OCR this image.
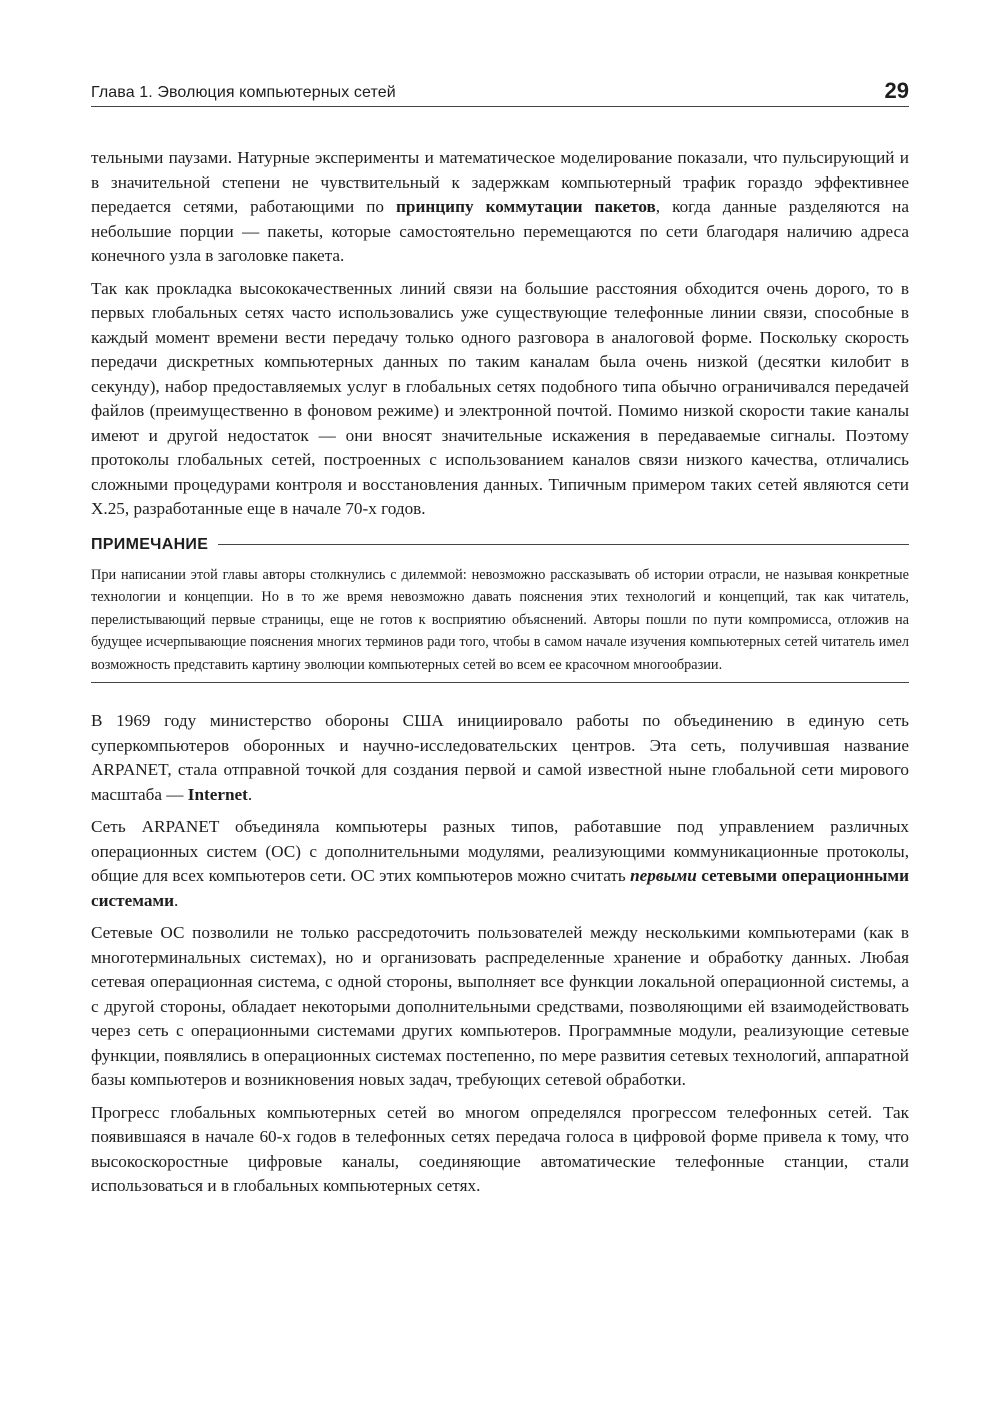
Глава 1. Эволюция компьютерных сетей	29

тельными паузами. Натурные эксперименты и математическое моделирование показали, что пульсирующий и в значительной степени не чувствительный к задержкам компьютерный трафик гораздо эффективнее передается сетями, работающими по принципу коммутации пакетов, когда данные разделяются на небольшие порции — пакеты, которые самостоятельно перемещаются по сети благодаря наличию адреса конечного узла в заголовке пакета.

Так как прокладка высококачественных линий связи на большие расстояния обходится очень дорого, то в первых глобальных сетях часто использовались уже существующие телефонные линии связи, способные в каждый момент времени вести передачу только одного разговора в аналоговой форме. Поскольку скорость передачи дискретных компьютерных данных по таким каналам была очень низкой (десятки килобит в секунду), набор предоставляемых услуг в глобальных сетях подобного типа обычно ограничивался передачей файлов (преимущественно в фоновом режиме) и электронной почтой. Помимо низкой скорости такие каналы имеют и другой недостаток — они вносят значительные искажения в передаваемые сигналы. Поэтому протоколы глобальных сетей, построенных с использованием каналов связи низкого качества, отличались сложными процедурами контроля и восстановления данных. Типичным примером таких сетей являются сети X.25, разработанные еще в начале 70-х годов.

ПРИМЕЧАНИЕ

При написании этой главы авторы столкнулись с дилеммой: невозможно рассказывать об истории отрасли, не называя конкретные технологии и концепции. Но в то же время невозможно давать пояснения этих технологий и концепций, так как читатель, перелистывающий первые страницы, еще не готов к восприятию объяснений. Авторы пошли по пути компромисса, отложив на будущее исчерпывающие пояснения многих терминов ради того, чтобы в самом начале изучения компьютерных сетей читатель имел возможность представить картину эволюции компьютерных сетей во всем ее красочном многообразии.

В 1969 году министерство обороны США инициировало работы по объединению в единую сеть суперкомпьютеров оборонных и научно-исследовательских центров. Эта сеть, получившая название ARPANET, стала отправной точкой для создания первой и самой известной ныне глобальной сети мирового масштаба — Internet.

Сеть ARPANET объединяла компьютеры разных типов, работавшие под управлением различных операционных систем (ОС) с дополнительными модулями, реализующими коммуникационные протоколы, общие для всех компьютеров сети. ОС этих компьютеров можно считать первыми сетевыми операционными системами.

Сетевые ОС позволили не только рассредоточить пользователей между несколькими компьютерами (как в многотерминальных системах), но и организовать распределенные хранение и обработку данных. Любая сетевая операционная система, с одной стороны, выполняет все функции локальной операционной системы, а с другой стороны, обладает некоторыми дополнительными средствами, позволяющими ей взаимодействовать через сеть с операционными системами других компьютеров. Программные модули, реализующие сетевые функции, появлялись в операционных системах постепенно, по мере развития сетевых технологий, аппаратной базы компьютеров и возникновения новых задач, требующих сетевой обработки.

Прогресс глобальных компьютерных сетей во многом определялся прогрессом телефонных сетей. Так появившаяся в начале 60-х годов в телефонных сетях передача голоса в цифровой форме привела к тому, что высокоскоростные цифровые каналы, соединяющие автоматические телефонные станции, стали использоваться и в глобальных компьютерных сетях.
